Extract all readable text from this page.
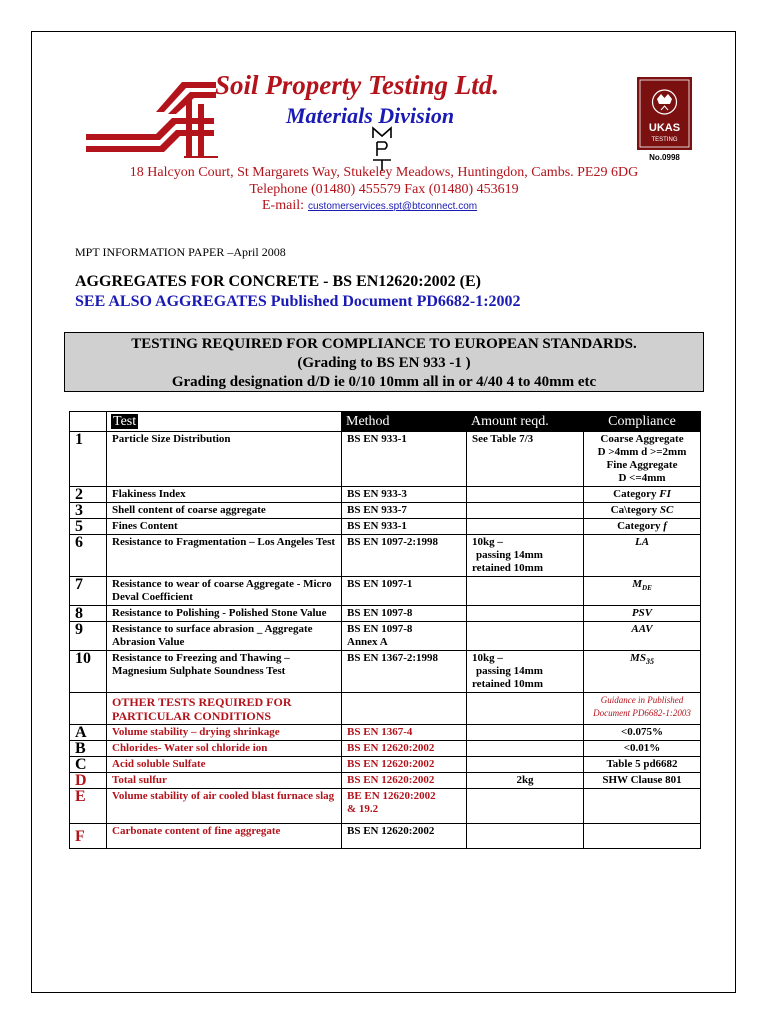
Soil Property Testing Ltd.
Materials Division	UKAS
TESTING
No.0998
18 Halcyon Court, St Margarets Way, Stukeley Meadows, Huntingdon, Cambs. PE29 6DG
Telephone (01480) 455579 Fax (01480) 453619
E-mail: customerservices.spt@btconnect.com
MPT INFORMATION PAPER –April 2008
AGGREGATES FOR CONCRETE - BS EN12620:2002 (E)
SEE ALSO AGGREGATES Published Document PD6682-1:2002
TESTING REQUIRED FOR COMPLIANCE TO EUROPEAN STANDARDS.
(Grading to BS EN 933 -1 )
Grading designation d/D ie 0/10 10mm all in or 4/40 4 to 40mm etc
	Test	Method	Amount reqd.	Compliance
1	Particle Size Distribution	BS EN 933-1	See Table 7/3	Coarse Aggregate
D >4mm d >=2mm
Fine Aggregate
D <=4mm

2	Flakiness Index	BS EN 933-3		Category FI
3	Shell content of coarse aggregate	BS EN 933-7		Ca\tegory SC
5	Fines Content	BS EN 933-1		Category f
6	Resistance to Fragmentation – Los Angeles Test	BS EN 1097-2:1998	10kg –
passing 14mm
retained 10mm	LA
7	Resistance to wear of coarse Aggregate - Micro Deval Coefficient	BS EN 1097-1		$M_{DE}$
8	Resistance to Polishing - Polished Stone Value	BS EN 1097-8		PSV
9	Resistance to surface abrasion _ Aggregate Abrasion Value	BS EN 1097-8
Annex A		AAV
10	Resistance to Freezing and Thawing – Magnesium Sulphate Soundness Test	BS EN 1367-2:1998	10kg –
passing 14mm
retained 10mm	$MS_{35}$
	OTHER TESTS REQUIRED FOR PARTICULAR CONDITIONS			Guidance in Published Document PD6682-1:2003
A	Volume stability – drying shrinkage	BS EN 1367-4		<0.075%
B	Chlorides- Water sol chloride ion	BS EN 12620:2002		<0.01%
C	Acid soluble Sulfate	BS EN 12620:2002		Table 5 pd6682
D	Total sulfur	BS EN 12620:2002	2kg	SHW Clause 801
E	Volume stability of air cooled blast furnace slag	BE EN 12620:2002
& 19.2		

F	Carbonate content of fine aggregate	BS EN 12620:2002		
